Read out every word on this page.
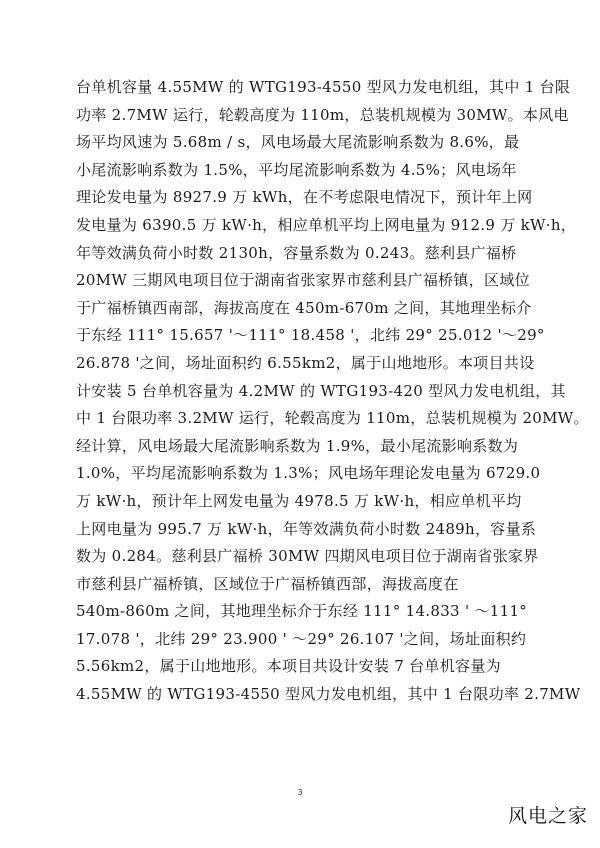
台单机容量 4.55MW 的 WTG193-4550 型风力发电机组，其中 1 台限
功率 2.7MW 运行，轮毂高度为 110m，总装机规模为 30MW。本风电
场平均风速为 5.68m / s，风电场最大尾流影响系数为 8.6%，最
小尾流影响系数为 1.5%，平均尾流影响系数为 4.5%；风电场年
理论发电量为 8927.9 万 kWh，在不考虑限电情况下，预计年上网
发电量为 6390.5 万 kW·h，相应单机平均上网电量为 912.9 万 kW·h，
年等效满负荷小时数 2130h，容量系数为 0.243。慈利县广福桥
20MW 三期风电项目位于湖南省张家界市慈利县广福桥镇，区域位
于广福桥镇西南部，海拔高度在 450m-670m 之间，其地理坐标介
于东经 111° 15.657 '～111° 18.458 '，北纬 29° 25.012 '～29°
26.878 '之间，场址面积约 6.55km2，属于山地地形。本项目共设
计安装 5 台单机容量为 4.2MW 的 WTG193-420 型风力发电机组，其
中 1 台限功率 3.2MW 运行，轮毂高度为 110m，总装机规模为 20MW。
经计算，风电场最大尾流影响系数为 1.9%，最小尾流影响系数为
1.0%，平均尾流影响系数为 1.3%；风电场年理论发电量为 6729.0
万 kW·h，预计年上网发电量为 4978.5 万 kW·h，相应单机平均
上网电量为 995.7 万 kW·h，年等效满负荷小时数 2489h，容量系
数为 0.284。慈利县广福桥 30MW 四期风电项目位于湖南省张家界
市慈利县广福桥镇，区域位于广福桥镇西部，海拔高度在
540m-860m 之间，其地理坐标介于东经 111° 14.833 ' ～111°
17.078 '，北纬 29° 23.900 ' ～29° 26.107 '之间，场址面积约
5.56km2，属于山地地形。本项目共设计安装 7 台单机容量为
4.55MW 的 WTG193-4550 型风力发电机组，其中 1 台限功率 2.7MW
3
风电之家
